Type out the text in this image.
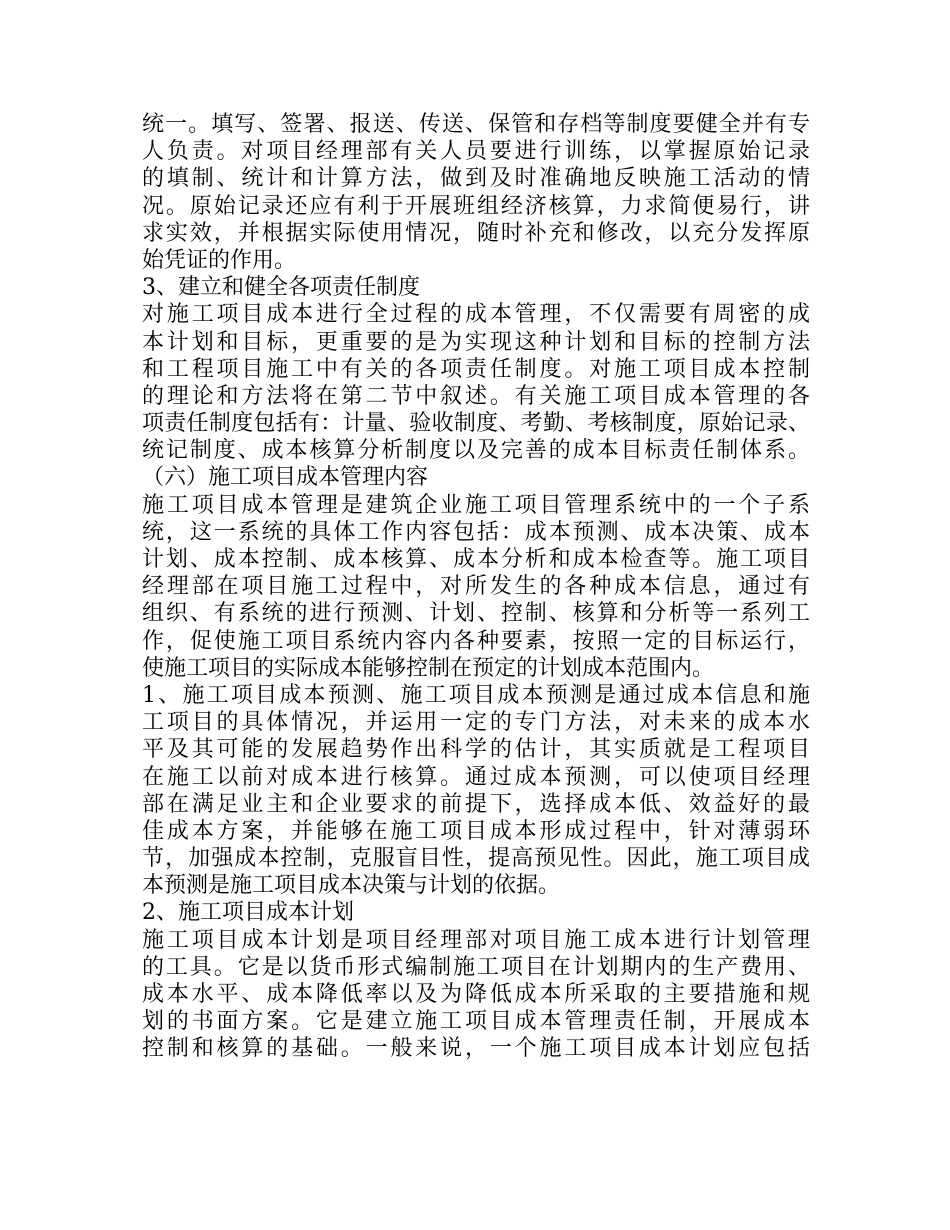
统一。填写、签署、报送、传送、保管和存档等制度要健全并有专
人负责。对项目经理部有关人员要进行训练，以掌握原始记录
的填制、统计和计算方法，做到及时准确地反映施工活动的情
况。原始记录还应有利于开展班组经济核算，力求简便易行，讲
求实效，并根据实际使用情况，随时补充和修改，以充分发挥原
始凭证的作用。
3、建立和健全各项责任制度
对施工项目成本进行全过程的成本管理，不仅需要有周密的成
本计划和目标，更重要的是为实现这种计划和目标的控制方法
和工程项目施工中有关的各项责任制度。对施工项目成本控制
的理论和方法将在第二节中叙述。有关施工项目成本管理的各
项责任制度包括有：计量、验收制度、考勤、考核制度，原始记录、
统记制度、成本核算分析制度以及完善的成本目标责任制体系。
（六）施工项目成本管理内容
施工项目成本管理是建筑企业施工项目管理系统中的一个子系
统，这一系统的具体工作内容包括：成本预测、成本决策、成本
计划、成本控制、成本核算、成本分析和成本检查等。施工项目
经理部在项目施工过程中，对所发生的各种成本信息，通过有
组织、有系统的进行预测、计划、控制、核算和分析等一系列工
作，促使施工项目系统内容内各种要素，按照一定的目标运行，
使施工项目的实际成本能够控制在预定的计划成本范围内。
1、施工项目成本预测、施工项目成本预测是通过成本信息和施
工项目的具体情况，并运用一定的专门方法，对未来的成本水
平及其可能的发展趋势作出科学的估计，其实质就是工程项目
在施工以前对成本进行核算。通过成本预测，可以使项目经理
部在满足业主和企业要求的前提下，选择成本低、效益好的最
佳成本方案，并能够在施工项目成本形成过程中，针对薄弱环
节，加强成本控制，克服盲目性，提高预见性。因此，施工项目成
本预测是施工项目成本决策与计划的依据。
2、施工项目成本计划
施工项目成本计划是项目经理部对项目施工成本进行计划管理
的工具。它是以货币形式编制施工项目在计划期内的生产费用、
成本水平、成本降低率以及为降低成本所采取的主要措施和规
划的书面方案。它是建立施工项目成本管理责任制，开展成本
控制和核算的基础。一般来说，一个施工项目成本计划应包括
